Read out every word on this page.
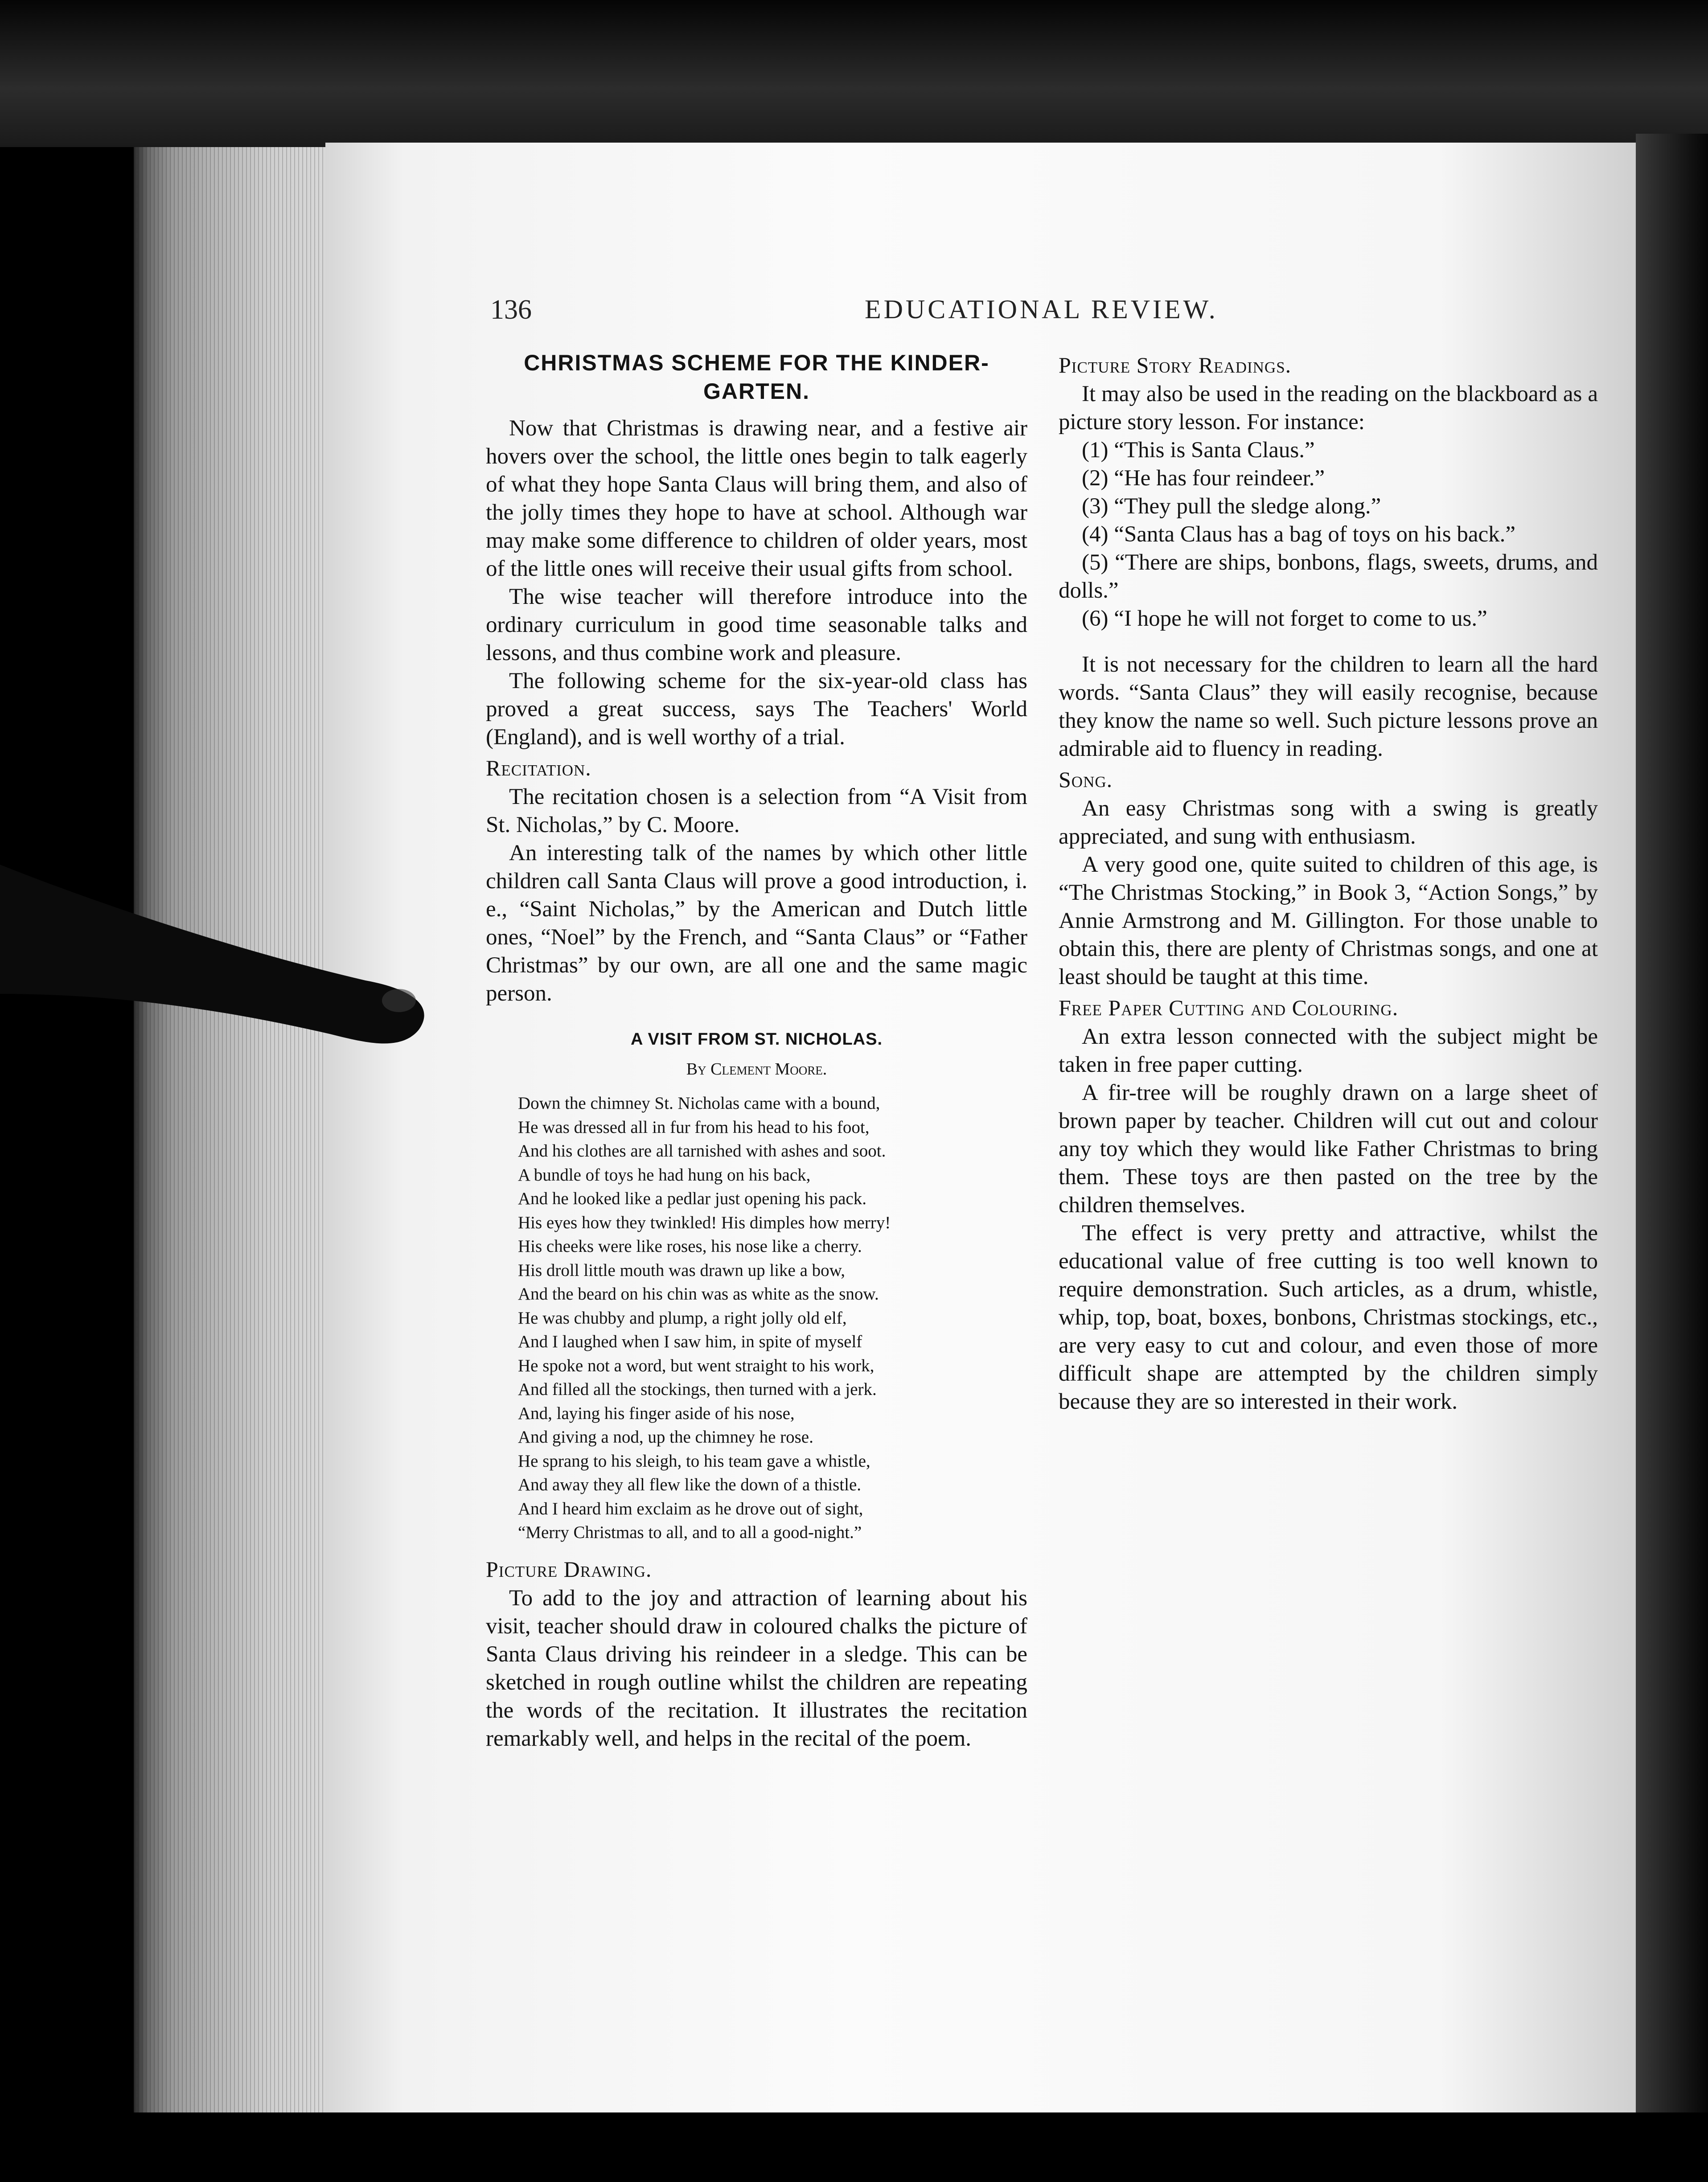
136	EDUCATIONAL REVIEW.
CHRISTMAS SCHEME FOR THE KINDER-GARTEN.

Now that Christmas is drawing near, and a festive air hovers over the school, the little ones begin to talk eagerly of what they hope Santa Claus will bring them, and also of the jolly times they hope to have at school. Although war may make some difference to children of older years, most of the little ones will receive their usual gifts from school.

The wise teacher will therefore introduce into the ordinary curriculum in good time seasonable talks and lessons, and thus combine work and pleasure.

The following scheme for the six-year-old class has proved a great success, says The Teachers' World (England), and is well worthy of a trial.

Recitation.

The recitation chosen is a selection from “A Visit from St. Nicholas,” by C. Moore.

An interesting talk of the names by which other little children call Santa Claus will prove a good introduction, i. e., “Saint Nicholas,” by the American and Dutch little ones, “Noel” by the French, and “Santa Claus” or “Father Christmas” by our own, are all one and the same magic person.

A VISIT FROM ST. NICHOLAS.
By Clement Moore.
Down the chimney St. Nicholas came with a bound,
He was dressed all in fur from his head to his foot,
And his clothes are all tarnished with ashes and soot.
A bundle of toys he had hung on his back,
And he looked like a pedlar just opening his pack.
His eyes how they twinkled! His dimples how merry!
His cheeks were like roses, his nose like a cherry.
His droll little mouth was drawn up like a bow,
And the beard on his chin was as white as the snow.
He was chubby and plump, a right jolly old elf,
And I laughed when I saw him, in spite of myself
He spoke not a word, but went straight to his work,
And filled all the stockings, then turned with a jerk.
And, laying his finger aside of his nose,
And giving a nod, up the chimney he rose.
He sprang to his sleigh, to his team gave a whistle,
And away they all flew like the down of a thistle.
And I heard him exclaim as he drove out of sight,
“Merry Christmas to all, and to all a good-night.”
Picture Drawing.

To add to the joy and attraction of learning about his visit, teacher should draw in coloured chalks the picture of Santa Claus driving his reindeer in a sledge. This can be sketched in rough outline whilst the children are repeating the words of the recitation. It illustrates the recitation remarkably well, and helps in the recital of the poem.

Picture Story Readings.

It may also be used in the reading on the blackboard as a picture story lesson. For instance:

(1) “This is Santa Claus.”

(2) “He has four reindeer.”

(3) “They pull the sledge along.”

(4) “Santa Claus has a bag of toys on his back.”

(5) “There are ships, bonbons, flags, sweets, drums, and dolls.”

(6) “I hope he will not forget to come to us.”

It is not necessary for the children to learn all the hard words. “Santa Claus” they will easily recognise, because they know the name so well. Such picture lessons prove an admirable aid to fluency in reading.

Song.

An easy Christmas song with a swing is greatly appreciated, and sung with enthusiasm.

A very good one, quite suited to children of this age, is “The Christmas Stocking,” in Book 3, “Action Songs,” by Annie Armstrong and M. Gillington. For those unable to obtain this, there are plenty of Christmas songs, and one at least should be taught at this time.

Free Paper Cutting and Colouring.

An extra lesson connected with the subject might be taken in free paper cutting.

A fir-tree will be roughly drawn on a large sheet of brown paper by teacher. Children will cut out and colour any toy which they would like Father Christmas to bring them. These toys are then pasted on the tree by the children themselves.

The effect is very pretty and attractive, whilst the educational value of free cutting is too well known to require demonstration. Such articles, as a drum, whistle, whip, top, boat, boxes, bonbons, Christmas stockings, etc., are very easy to cut and colour, and even those of more difficult shape are attempted by the children simply because they are so interested in their work.
